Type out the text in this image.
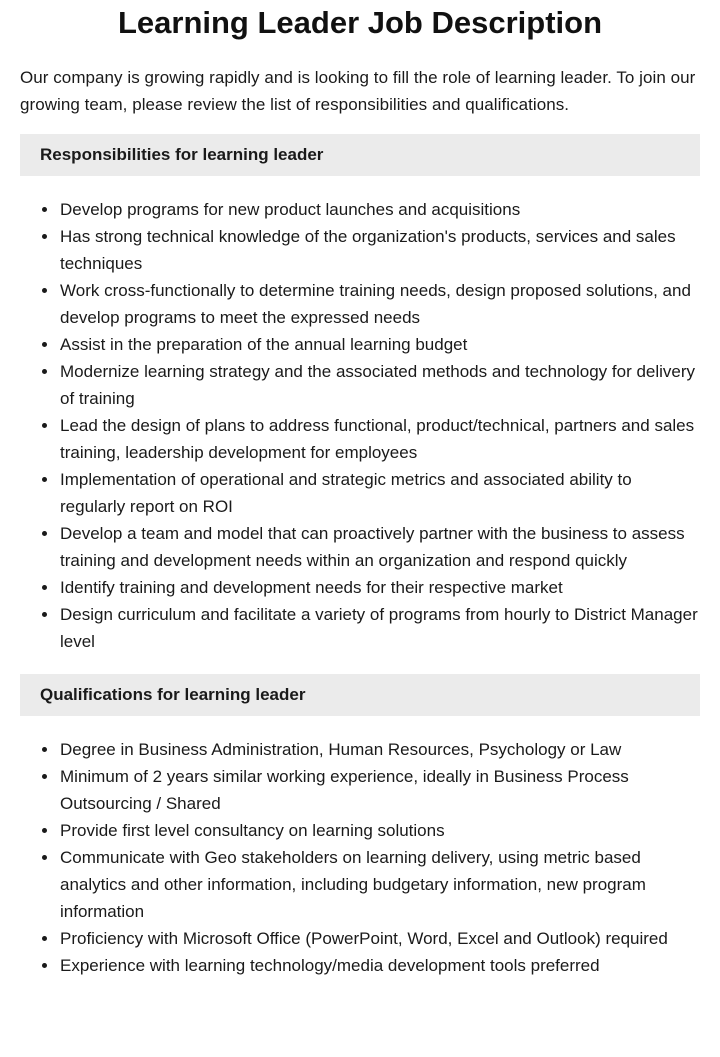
Learning Leader Job Description

Our company is growing rapidly and is looking to fill the role of learning leader. To join our growing team, please review the list of responsibilities and qualifications.

Responsibilities for learning leader
Develop programs for new product launches and acquisitions
Has strong technical knowledge of the organization's products, services and sales techniques
Work cross-functionally to determine training needs, design proposed solutions, and develop programs to meet the expressed needs
Assist in the preparation of the annual learning budget
Modernize learning strategy and the associated methods and technology for delivery of training
Lead the design of plans to address functional, product/technical, partners and sales training, leadership development for employees
Implementation of operational and strategic metrics and associated ability to regularly report on ROI
Develop a team and model that can proactively partner with the business to assess training and development needs within an organization and respond quickly
Identify training and development needs for their respective market
Design curriculum and facilitate a variety of programs from hourly to District Manager level
Qualifications for learning leader
Degree in Business Administration, Human Resources, Psychology or Law
Minimum of 2 years similar working experience, ideally in Business Process Outsourcing / Shared
Provide first level consultancy on learning solutions
Communicate with Geo stakeholders on learning delivery, using metric based analytics and other information, including budgetary information, new program information
Proficiency with Microsoft Office (PowerPoint, Word, Excel and Outlook) required
Experience with learning technology/media development tools preferred
